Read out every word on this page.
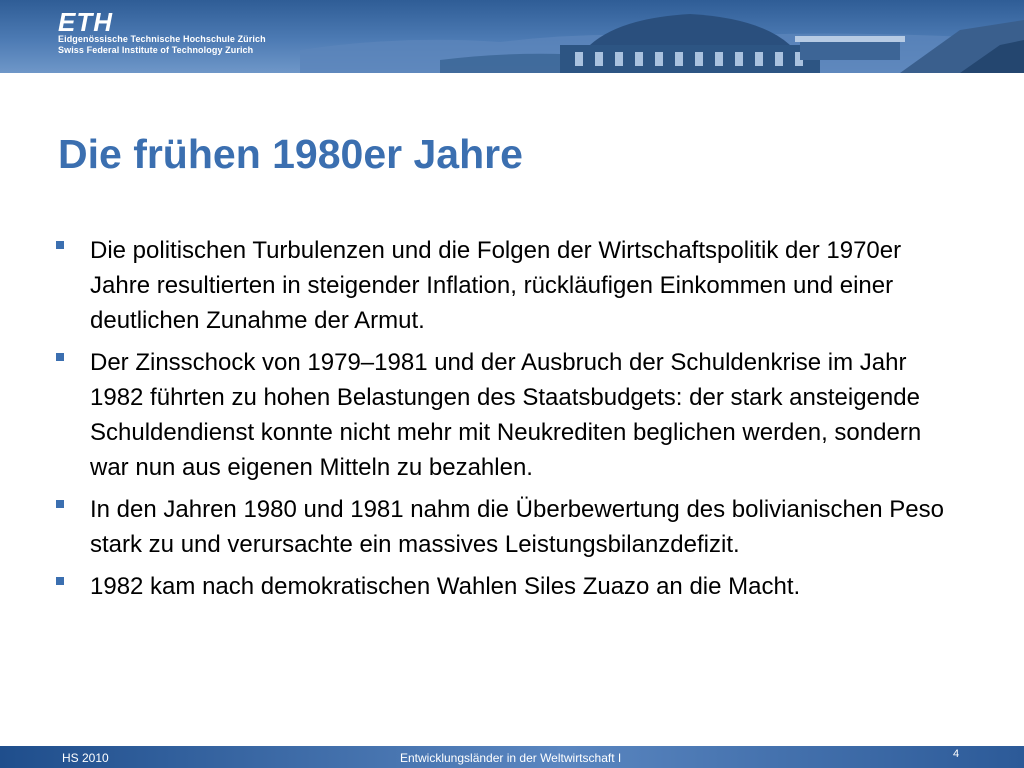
ETH
Eidgenössische Technische Hochschule Zürich
Swiss Federal Institute of Technology Zurich
Die frühen 1980er Jahre
Die politischen Turbulenzen und die Folgen der Wirtschaftspolitik der 1970er Jahre resultierten in steigender Inflation, rückläufigen Einkommen und einer deutlichen Zunahme der Armut.
Der Zinsschock von 1979–1981 und der Ausbruch der Schuldenkrise im Jahr 1982 führten zu hohen Belastungen des Staatsbudgets: der stark ansteigende Schuldendienst konnte nicht mehr mit Neukrediten beglichen werden, sondern war nun aus eigenen Mitteln zu bezahlen.
In den Jahren 1980 und 1981 nahm die Überbewertung des bolivianischen Peso stark zu und verursachte ein massives Leistungsbilanzdefizit.
1982 kam nach demokratischen Wahlen Siles Zuazo an die Macht.
HS 2010	Entwicklungsländer in der Weltwirtschaft I	4
